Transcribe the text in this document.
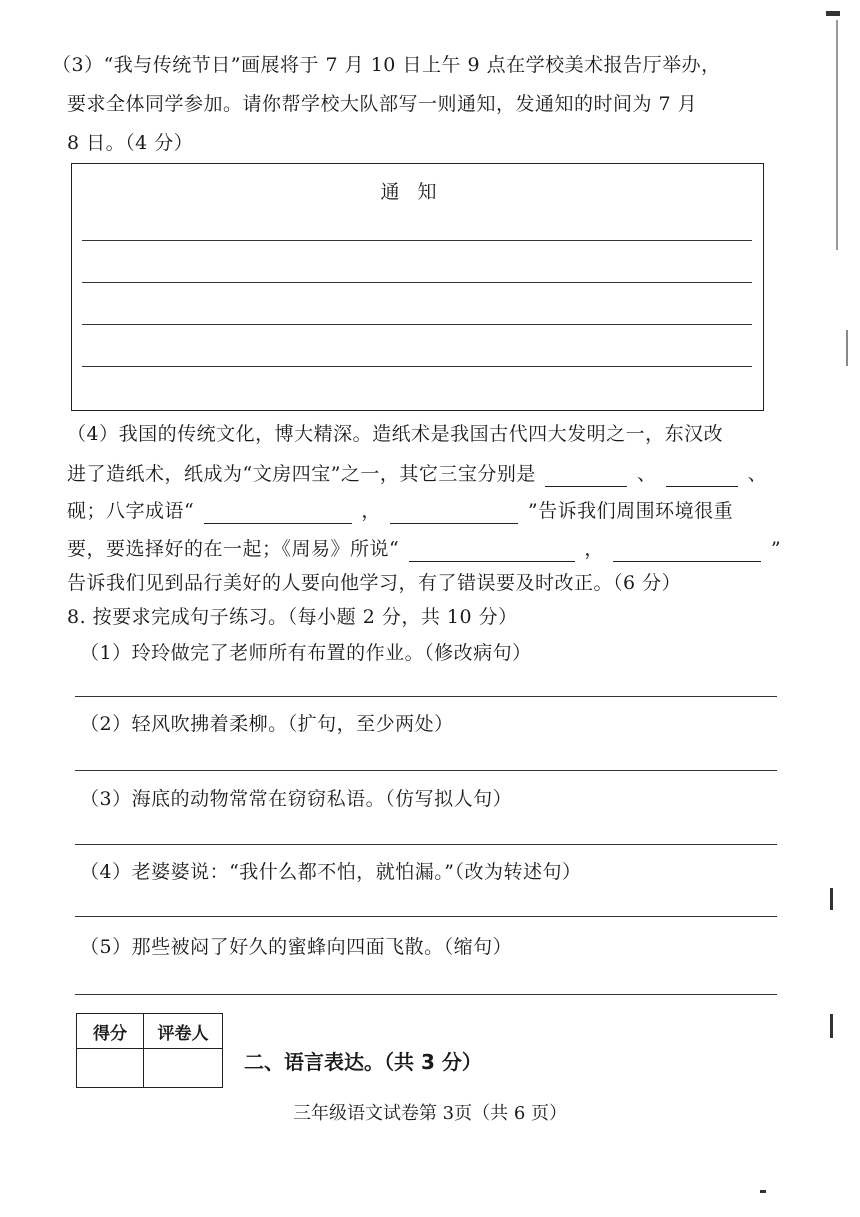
（3）“我与传统节日”画展将于 7 月 10 日上午 9 点在学校美术报告厅举办，
要求全体同学参加。请你帮学校大队部写一则通知，发通知的时间为 7 月
8 日。（4 分）
通知
（4）我国的传统文化，博大精深。造纸术是我国古代四大发明之一，东汉改
进了造纸术，纸成为“文房四宝”之一，其它三宝分别是	、	、
砚；八字成语“	，	”告诉我们周围环境很重
要，要选择好的在一起；《周易》所说“	，	”
告诉我们见到品行美好的人要向他学习，有了错误要及时改正。（6 分）
8. 按要求完成句子练习。（每小题 2 分，共 10 分）
（1）玲玲做完了老师所有布置的作业。（修改病句）
（2）轻风吹拂着柔柳。（扩句，至少两处）
（3）海底的动物常常在窃窃私语。（仿写拟人句）
（4）老婆婆说：“我什么都不怕，就怕漏。”（改为转述句）
（5）那些被闷了好久的蜜蜂向四面飞散。（缩句）
得分	评卷人

二、语言表达。（共 3 分）
三年级语文试卷第 3页（共 6 页）
